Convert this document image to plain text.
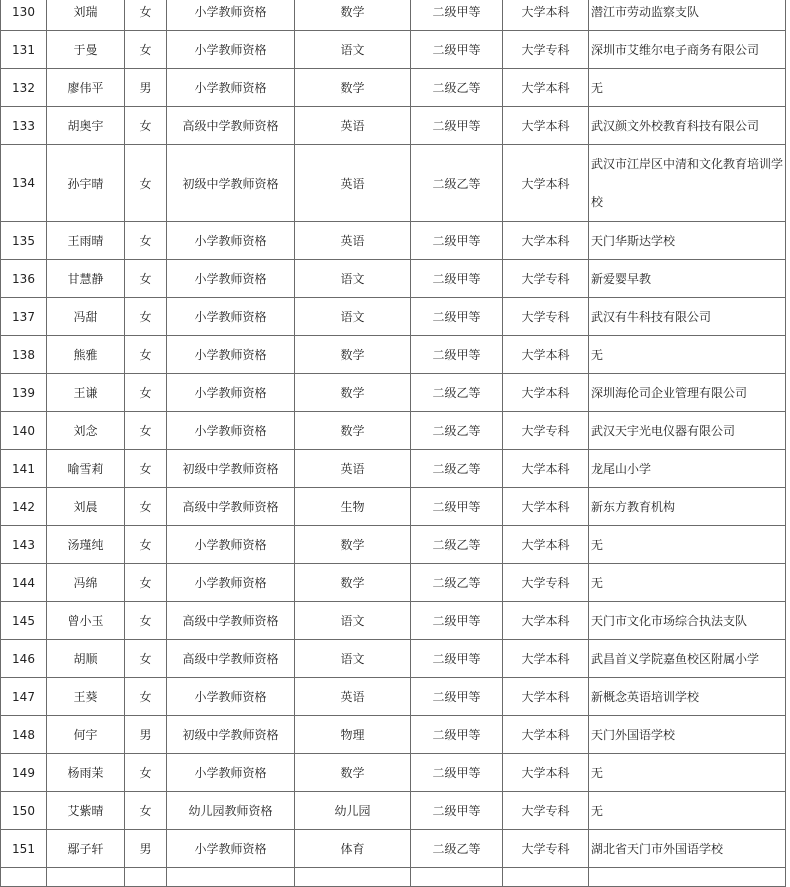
130	刘瑞	女	小学教师资格	数学	二级甲等	大学本科	潜江市劳动监察支队
131	于曼	女	小学教师资格	语文	二级甲等	大学专科	深圳市艾维尔电子商务有限公司
132	廖伟平	男	小学教师资格	数学	二级乙等	大学本科	无
133	胡奥宇	女	高级中学教师资格	英语	二级甲等	大学本科	武汉颜文外校教育科技有限公司
134	孙宇晴	女	初级中学教师资格	英语	二级乙等	大学本科	武汉市江岸区中清和文化教育培训学校
135	王雨晴	女	小学教师资格	英语	二级甲等	大学本科	天门华斯达学校
136	甘慧静	女	小学教师资格	语文	二级甲等	大学专科	新爱婴早教
137	冯甜	女	小学教师资格	语文	二级甲等	大学专科	武汉有牛科技有限公司
138	熊雅	女	小学教师资格	数学	二级甲等	大学本科	无
139	王谦	女	小学教师资格	数学	二级乙等	大学本科	深圳海伦司企业管理有限公司
140	刘念	女	小学教师资格	数学	二级乙等	大学专科	武汉天宇光电仪器有限公司
141	喻雪莉	女	初级中学教师资格	英语	二级乙等	大学本科	龙尾山小学
142	刘晨	女	高级中学教师资格	生物	二级甲等	大学本科	新东方教育机构
143	汤瑾纯	女	小学教师资格	数学	二级乙等	大学本科	无
144	冯绵	女	小学教师资格	数学	二级乙等	大学专科	无
145	曾小玉	女	高级中学教师资格	语文	二级甲等	大学本科	天门市文化市场综合执法支队
146	胡顺	女	高级中学教师资格	语文	二级甲等	大学本科	武昌首义学院嘉鱼校区附属小学
147	王葵	女	小学教师资格	英语	二级甲等	大学本科	新概念英语培训学校
148	何宇	男	初级中学教师资格	物理	二级甲等	大学本科	天门外国语学校
149	杨雨茉	女	小学教师资格	数学	二级甲等	大学本科	无
150	艾紫晴	女	幼儿园教师资格	幼儿园	二级甲等	大学专科	无
151	鄢子轩	男	小学教师资格	体育	二级乙等	大学专科	湖北省天门市外国语学校
